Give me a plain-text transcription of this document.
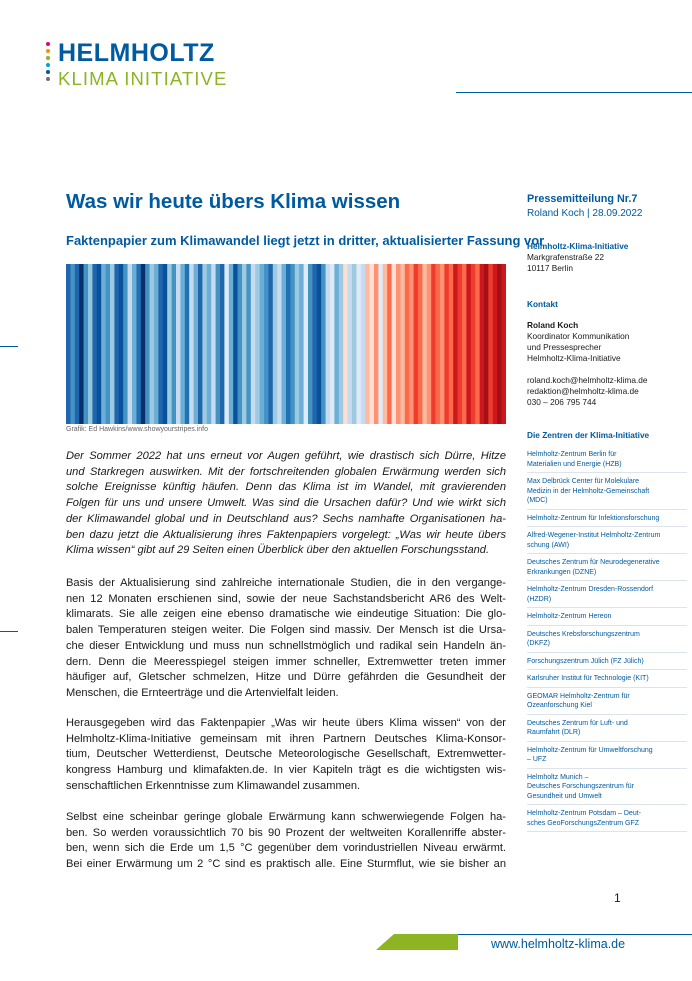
HELMHOLTZ
KLIMA INITIATIVE
Was wir heute übers Klima wissen
Faktenpapier zum Klimawandel liegt jetzt in dritter, aktualisierter Fassung vor
Grafik: Ed Hawkins/www.showyourstripes.info

Der Sommer 2022 hat uns erneut vor Augen geführt, wie drastisch sich Dürre, Hitze
und Starkregen auswirken. Mit der fortschreitenden globalen Erwärmung werden sich
solche Ereignisse künftig häufen. Denn das Klima ist im Wandel, mit gravierenden
Folgen für uns und unsere Umwelt. Was sind die Ursachen dafür? Und wie wirkt sich
der Klimawandel global und in Deutschland aus? Sechs namhafte Organisationen ha-
ben dazu jetzt die Aktualisierung ihres Faktenpapiers vorgelegt: „Was wir heute übers
Klima wissen“ gibt auf 29 Seiten einen Überblick über den aktuellen Forschungsstand.

Basis der Aktualisierung sind zahlreiche internationale Studien, die in den vergange-
nen 12 Monaten erschienen sind, sowie der neue Sachstandsbericht AR6 des Welt-
klimarats. Sie alle zeigen eine ebenso dramatische wie eindeutige Situation: Die glo-
balen Temperaturen steigen weiter. Die Folgen sind massiv. Der Mensch ist die Ursa-
che dieser Entwicklung und muss nun schnellstmöglich und radikal sein Handeln än-
dern. Denn die Meeresspiegel steigen immer schneller, Extremwetter treten immer
häufiger auf, Gletscher schmelzen, Hitze und Dürre gefährden die Gesundheit der
Menschen, die Ernteerträge und die Artenvielfalt leiden.

Herausgegeben wird das Faktenpapier „Was wir heute übers Klima wissen“ von der
Helmholtz-Klima-Initiative gemeinsam mit ihren Partnern Deutsches Klima-Konsor-
tium, Deutscher Wetterdienst, Deutsche Meteorologische Gesellschaft, Extremwetter-
kongress Hamburg und klimafakten.de. In vier Kapiteln trägt es die wichtigsten wis-
senschaftlichen Erkenntnisse zum Klimawandel zusammen.

Selbst eine scheinbar geringe globale Erwärmung kann schwerwiegende Folgen ha-
ben. So werden voraussichtlich 70 bis 90 Prozent der weltweiten Korallenriffe abster-
ben, wenn sich die Erde um 1,5 °C gegenüber dem vorindustriellen Niveau erwärmt.
Bei einer Erwärmung um 2 °C sind es praktisch alle. Eine Sturmflut, wie sie bisher an

Pressemitteilung Nr.7
Roland Koch | 28.09.2022
Helmholtz-Klima-Initiative
Markgrafenstraße 22
10117 Berlin
Kontakt
Roland Koch
Koordinator Kommunikation
und Pressesprecher
Helmholtz-Klima-Initiative
roland.koch@helmholtz-klima.de
redaktion@helmholtz-klima.de
030 – 206 795 744
Die Zentren der Klima-Initiative
Helmholtz-Zentrum Berlin für
Materialien und Energie (HZB)
Max Delbrück Center für Molekulare
Medizin in der Helmholtz-Gemeinschaft
(MDC)
Helmholtz-Zentrum für Infektionsforschung
Alfred-Wegener-Institut Helmholtz-Zentrum
schung (AWI)
Deutsches Zentrum für Neurodegenerative
Erkrankungen (DZNE)
Helmholtz-Zentrum Dresden-Rossendorf
(HZDR)
Helmholtz-Zentrum Hereon
Deutsches Krebsforschungszentrum
(DKFZ)
Forschungszentrum Jülich (FZ Jülich)
Karlsruher Institut für Technologie (KIT)
GEOMAR Helmholtz-Zentrum für
Ozeanforschung Kiel
Deutsches Zentrum für Luft- und
Raumfahrt (DLR)
Helmholtz-Zentrum für Umweltforschung
– UFZ
Helmholtz Munich –
Deutsches Forschungszentrum für
Gesundheit und Umwelt
Helmholtz-Zentrum Potsdam – Deut-
sches GeoForschungsZentrum GFZ
1
www.helmholtz-klima.de
